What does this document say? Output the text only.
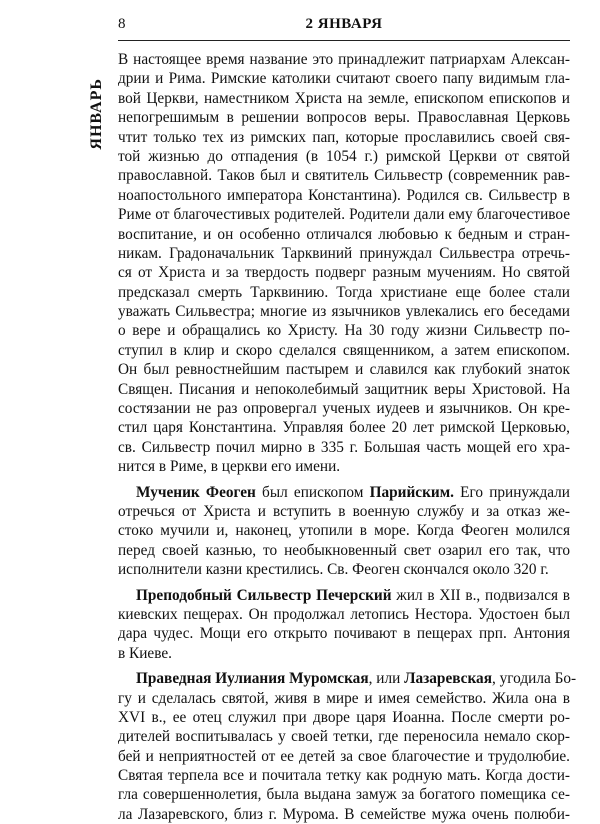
8	2 ЯНВАРЯ
ЯНВАРЬ
В настоящее время название это принадлежит патриархам Алексан-
дрии и Рима. Римские католики считают своего папу видимым гла-
вой Церкви, наместником Христа на земле, епископом епископов и
непогрешимым в решении вопросов веры. Православная Церковь
чтит только тех из римских пап, которые прославились своей свя-
той жизнью до отпадения (в 1054 г.) римской Церкви от святой
православной. Таков был и святитель Сильвестр (современник рав-
ноапостольного императора Константина). Родился св. Сильвестр в
Риме от благочестивых родителей. Родители дали ему благочестивое
воспитание, и он особенно отличался любовью к бедным и стран-
никам. Градоначальник Тарквиний принуждал Сильвестра отречь-
ся от Христа и за твердость подверг разным мучениям. Но святой
предсказал смерть Тарквинию. Тогда христиане еще более стали
уважать Сильвестра; многие из язычников увлекались его беседами
о вере и обращались ко Христу. На 30 году жизни Сильвестр по-
ступил в клир и скоро сделался священником, а затем епископом.
Он был ревностнейшим пастырем и славился как глубокий знаток
Священ. Писания и непоколебимый защитник веры Христовой. На
состязании не раз опровергал ученых иудеев и язычников. Он кре-
стил царя Константина. Управляя более 20 лет римской Церковью,
св. Сильвестр почил мирно в 335 г. Большая часть мощей его хра-
нится в Риме, в церкви его имени.
Мученик Феоген был епископом Парийским. Его принуждали
отречься от Христа и вступить в военную службу и за отказ же-
стоко мучили и, наконец, утопили в море. Когда Феоген молился
перед своей казнью, то необыкновенный свет озарил его так, что
исполнители казни крестились. Св. Феоген скончался около 320 г.
Преподобный Сильвестр Печерский жил в XII в., подвизался в
киевских пещерах. Он продолжал летопись Нестора. Удостоен был
дара чудес. Мощи его открыто почивают в пещерах прп. Антония
в Киеве.
Праведная Иулиания Муромская, или Лазаревская, угодила Бо-
гу и сделалась святой, живя в мире и имея семейство. Жила она в
XVI в., ее отец служил при дворе царя Иоанна. После смерти ро-
дителей воспитывалась у своей тетки, где переносила немало скор-
бей и неприятностей от ее детей за свое благочестие и трудолюбие.
Святая терпела все и почитала тетку как родную мать. Когда дости-
гла совершеннолетия, была выдана замуж за богатого помещика се-
ла Лазаревского, близ г. Мурома. В семействе мужа очень полюби-
